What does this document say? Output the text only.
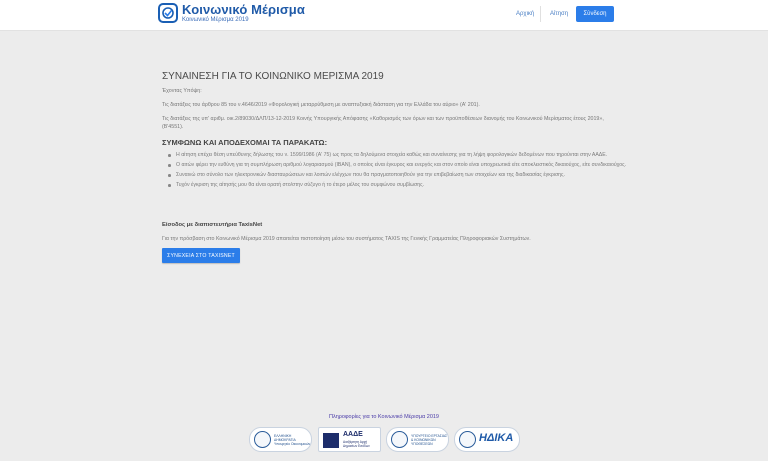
Κοινωνικό Μέρισμα
Κοινωνικό Μέρισμα 2019
Αρχική	Αίτηση	Σύνδεση
ΣΥΝΑΙΝΕΣΗ ΓΙΑ ΤΟ ΚΟΙΝΩΝΙΚΟ ΜΕΡΙΣΜΑ 2019

Έχοντας Υπόψη:

Τις διατάξεις του άρθρου 85 του ν.4646/2019 «Φορολογική μεταρρύθμιση με αναπτυξιακή διάσταση για την Ελλάδα του αύριο» (Α' 201).

Τις διατάξεις της υπ' αριθμ. οικ.2/89030/ΔΛΠ/13-12-2019 Κοινής Υπουργικής Απόφασης «Καθορισμός των όρων και των προϋποθέσεων διανομής του Κοινωνικού Μερίσματος έτους 2019», (Β'4551).

ΣΥΜΦΩΝΩ ΚΑΙ ΑΠΟΔΕΧΟΜΑΙ ΤΑ ΠΑΡΑΚΑΤΩ:
Η αίτηση επέχει θέση υπεύθυνης δήλωσης του ν. 1599/1986 (Α' 75) ως προς τα δηλούμενα στοιχεία καθώς και συναίνεσης για τη λήψη φορολογικών δεδομένων που τηρούνται στην ΑΑΔΕ.
Ο αιτών φέρει την ευθύνη για τη συμπλήρωση αριθμού λογαριασμού (IBAN), ο οποίος είναι έγκυρος και ενεργός και στον οποίο είναι υποχρεωτικά είτε αποκλειστικός δικαιούχος, είτε συνδικαιούχος.
Συναινώ στο σύνολο των ηλεκτρονικών διασταυρώσεων και λοιπών ελέγχων που θα πραγματοποιηθούν για την επιβεβαίωση των στοιχείων και της διαδικασίας έγκρισης.
Τυχόν έγκριση της αίτησής μου θα είναι ορατή στο/στην σύζυγο ή το έτερο μέλος του συμφώνου συμβίωσης.
Είσοδος με διαπιστευτήρια TaxisNet

Για την πρόσβαση στο Κοινωνικό Μέρισμα 2019 απαιτείται πιστοποίηση μέσω του συστήματος TAXIS της Γενικής Γραμματείας Πληροφοριακών Συστημάτων.

ΣΥΝΕΧΕΙΑ ΣΤΟ TAXISNET
Πληροφορίες για το Κοινωνικό Μέρισμα 2019
ΕΛΛΗΝΙΚΗ ΔΗΜΟΚΡΑΤΙΑ Υπουργείο Οικονομικών
ΑΑΔΕ
Ανεξάρτητη Αρχή Δημοσίων Εσόδων
ΥΠΟΥΡΓΕΙΟ ΕΡΓΑΣΙΑΣ & ΚΟΙΝΩΝΙΚΩΝ ΥΠΟΘΕΣΕΩΝ	ΗΔΙΚΑ
